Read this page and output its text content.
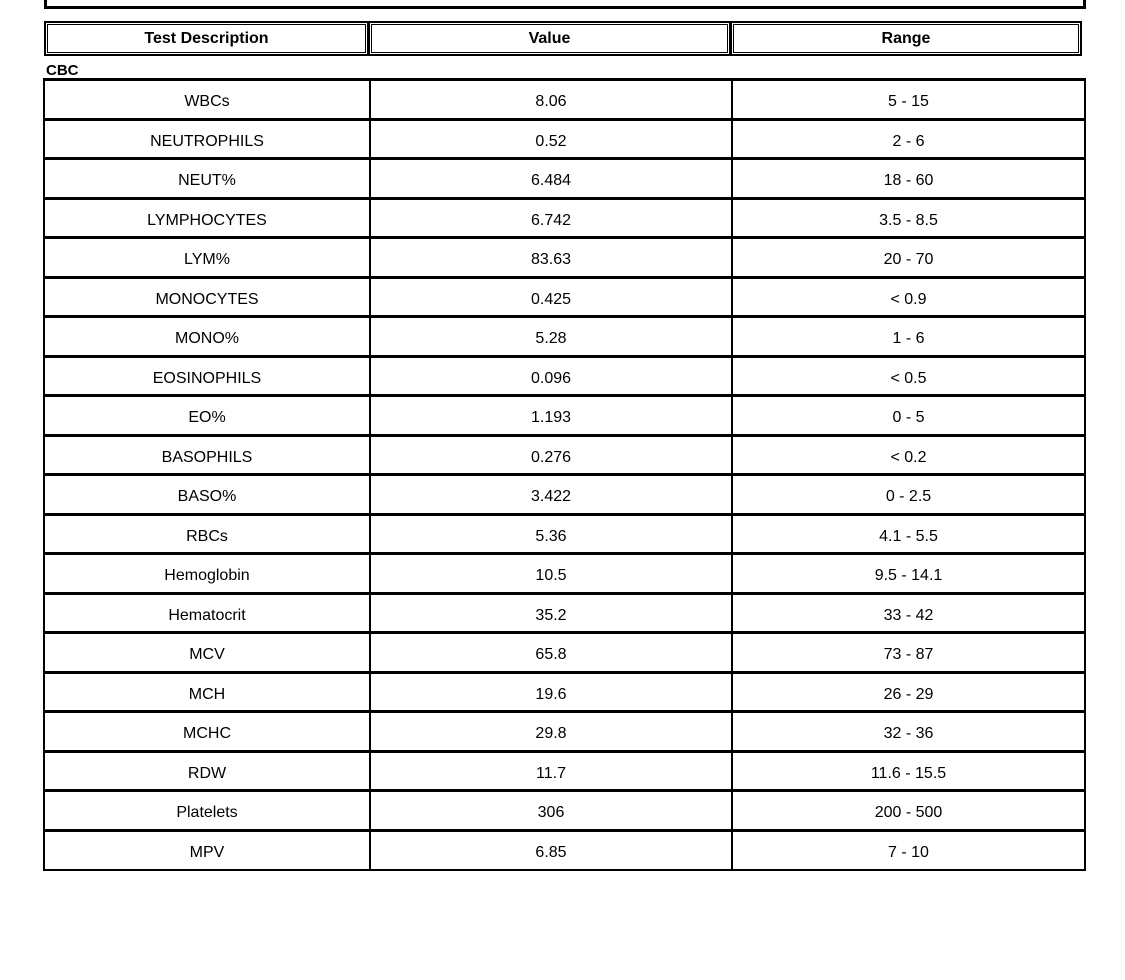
Test Description	Value	Range
CBC
WBCs	8.06	5 - 15
NEUTROPHILS	0.52	2 - 6
NEUT%	6.484	18 - 60
LYMPHOCYTES	6.742	3.5 - 8.5
LYM%	83.63	20 - 70
MONOCYTES	0.425	< 0.9
MONO%	5.28	1 - 6
EOSINOPHILS	0.096	< 0.5
EO%	1.193	0 - 5
BASOPHILS	0.276	< 0.2
BASO%	3.422	0 - 2.5
RBCs	5.36	4.1 - 5.5
Hemoglobin	10.5	9.5 - 14.1
Hematocrit	35.2	33 - 42
MCV	65.8	73 - 87
MCH	19.6	26 - 29
MCHC	29.8	32 - 36
RDW	11.7	11.6 - 15.5
Platelets	306	200 - 500
MPV	6.85	7 - 10
